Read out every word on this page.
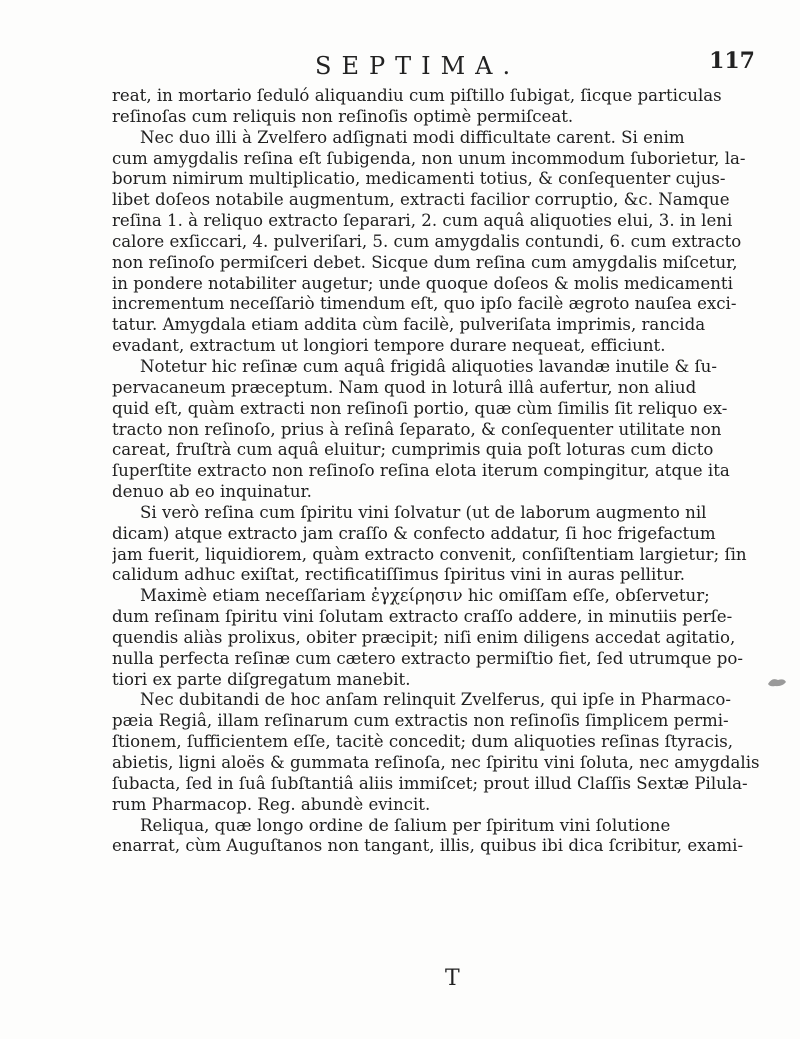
SEPTIMA.	117
reat, in mortario ſeduló aliquandiu cum piſtillo ſubigat, ſicque particulas
reſinoſas cum reliquis non reſinoſis optimè permiſceat.
Nec duo illi à Zvelfero adſignati modi difficultate carent. Si enim
cum amygdalis reſina eſt ſubigenda, non unum incommodum ſuborietur, la-
borum nimirum multiplicatio, medicamenti totius, & conſequenter cujus-
libet doſeos notabile augmentum, extracti facilior corruptio, &c. Namque
reſina 1. à reliquo extracto ſeparari, 2. cum aquâ aliquoties elui, 3. in leni
calore exſiccari, 4. pulveriſari, 5. cum amygdalis contundi, 6. cum extracto
non reſinoſo permiſceri debet. Sicque dum reſina cum amygdalis miſcetur,
in pondere notabiliter augetur; unde quoque doſeos & molis medicamenti
incrementum neceſſariò timendum eſt, quo ipſo facilè ægroto nauſea exci-
tatur. Amygdala etiam addita cùm facilè, pulveriſata imprimis, rancida
evadant, extractum ut longiori tempore durare nequeat, efficiunt.
Notetur hic reſinæ cum aquâ frigidâ aliquoties lavandæ inutile & ſu-
pervacaneum præceptum. Nam quod in loturâ illâ aufertur, non aliud
quid eſt, quàm extracti non reſinoſi portio, quæ cùm ſimilis ſit reliquo ex-
tracto non reſinoſo, prius à reſinâ ſeparato, & conſequenter utilitate non
careat, fruſtrà cum aquâ eluitur; cumprimis quia poſt loturas cum dicto
ſuperſtite extracto non reſinoſo reſina elota iterum compingitur, atque ita
denuo ab eo inquinatur.
Si verò reſina cum ſpiritu vini ſolvatur (ut de laborum augmento nil
dicam) atque extracto jam craſſo & confecto addatur, ſi hoc frigefactum
jam fuerit, liquidiorem, quàm extracto convenit, conſiſtentiam largietur; ſin
calidum adhuc exiſtat, rectificatiſſimus ſpiritus vini in auras pellitur.
Maximè etiam neceſſariam ἐγχείρησιν hic omiſſam eſſe, obſervetur;
dum reſinam ſpiritu vini ſolutam extracto craſſo addere, in minutiis perſe-
quendis aliàs prolixus, obiter præcipit; niſi enim diligens accedat agitatio,
nulla perfecta reſinæ cum cætero extracto permiſtio fiet, ſed utrumque po-
tiori ex parte diſgregatum manebit.
Nec dubitandi de hoc anſam relinquit Zvelferus, qui ipſe in Pharmaco-
pæia Regiâ, illam reſinarum cum extractis non reſinoſis ſimplicem permi-
ſtionem, ſufficientem eſſe, tacitè concedit; dum aliquoties reſinas ſtyracis,
abietis, ligni aloës & gummata reſinoſa, nec ſpiritu vini ſoluta, nec amygdalis
ſubacta, ſed in ſuâ ſubſtantiâ aliis immiſcet; prout illud Claſſis Sextæ Pilula-
rum Pharmacop. Reg. abundè evincit.
Reliqua, quæ longo ordine de ſalium per ſpiritum vini ſolutione
enarrat, cùm Auguſtanos non tangant, illis, quibus ibi dica ſcribitur, exami-
T
